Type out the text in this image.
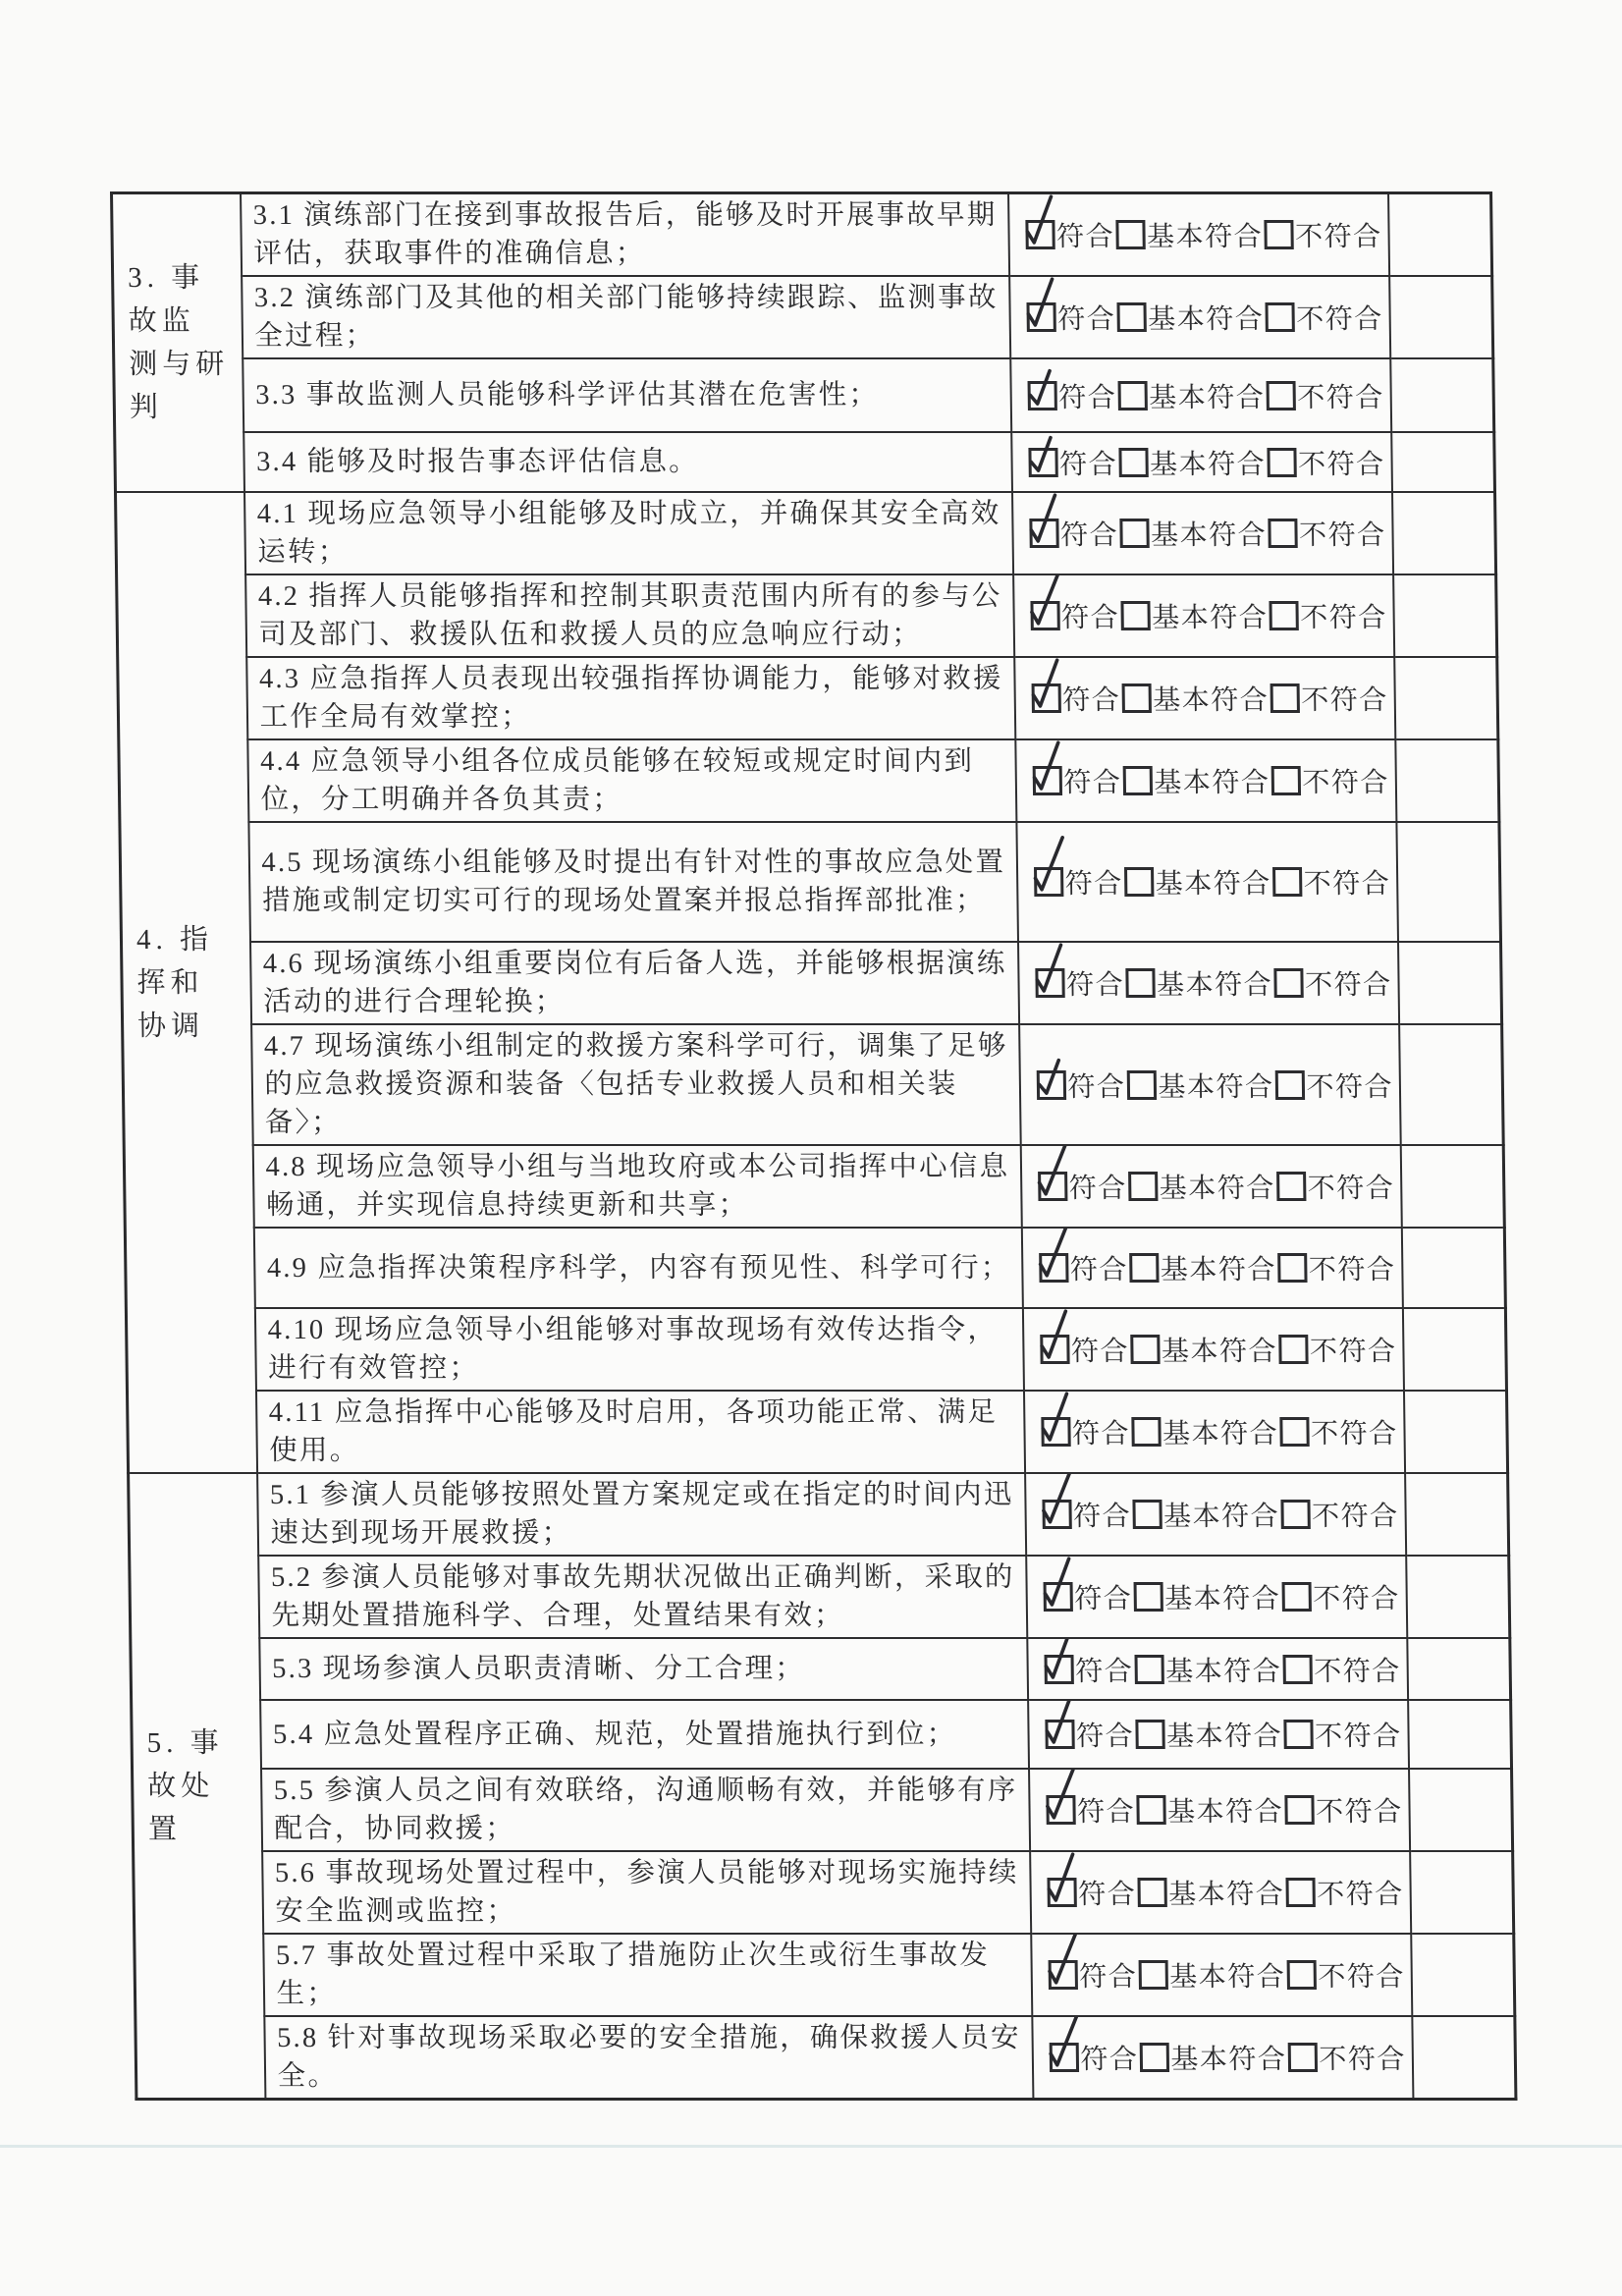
3. 事故监
测与研判	3.1 演练部门在接到事故报告后，能够及时开展事故早期评估，获取事件的准确信息；	符合 基本符合 不符合	
	3.2 演练部门及其他的相关部门能够持续跟踪、监测事故全过程；	符合 基本符合 不符合	
	3.3 事故监测人员能够科学评估其潜在危害性；	符合 基本符合 不符合	
	3.4 能够及时报告事态评估信息。	符合 基本符合 不符合	
4. 指挥和
协调	4.1 现场应急领导小组能够及时成立，并确保其安全高效运转；	符合 基本符合 不符合	
	4.2 指挥人员能够指挥和控制其职责范围内所有的参与公司及部门、救援队伍和救援人员的应急响应行动；	符合 基本符合 不符合	
	4.3 应急指挥人员表现出较强指挥协调能力，能够对救援工作全局有效掌控；	符合 基本符合 不符合	
	4.4 应急领导小组各位成员能够在较短或规定时间内到位，分工明确并各负其责；	符合 基本符合 不符合	
	4.5 现场演练小组能够及时提出有针对性的事故应急处置措施或制定切实可行的现场处置案并报总指挥部批准；	符合 基本符合 不符合	
	4.6 现场演练小组重要岗位有后备人选，并能够根据演练活动的进行合理轮换；	符合 基本符合 不符合	
	4.7 现场演练小组制定的救援方案科学可行，调集了足够的应急救援资源和装备〈包括专业救援人员和相关装备〉；	符合 基本符合 不符合	
	4.8 现场应急领导小组与当地玫府或本公司指挥中心信息畅通，并实现信息持续更新和共享；	符合 基本符合 不符合	
	4.9 应急指挥决策程序科学，内容有预见性、科学可行；	符合 基本符合 不符合	
	4.10 现场应急领导小组能够对事故现场有效传达指令，进行有效管控；	符合 基本符合 不符合	
	4.11 应急指挥中心能够及时启用，各项功能正常、满足使用。	符合 基本符合 不符合	
5. 事故处
置	5.1 参演人员能够按照处置方案规定或在指定的时间内迅速达到现场开展救援；	符合 基本符合 不符合	
	5.2 参演人员能够对事故先期状况做出正确判断，采取的先期处置措施科学、合理，处置结果有效；	符合 基本符合 不符合	
	5.3 现场参演人员职责清晰、分工合理；	符合 基本符合 不符合	
	5.4 应急处置程序正确、规范，处置措施执行到位；	符合 基本符合 不符合	
	5.5 参演人员之间有效联络，沟通顺畅有效，并能够有序配合，协同救援；	符合 基本符合 不符合	
	5.6 事故现场处置过程中，参演人员能够对现场实施持续安全监测或监控；	符合 基本符合 不符合	
	5.7 事故处置过程中采取了措施防止次生或衍生事故发生；	符合 基本符合 不符合	
	5.8 针对事故现场采取必要的安全措施，确保救援人员安全。	符合 基本符合 不符合	
